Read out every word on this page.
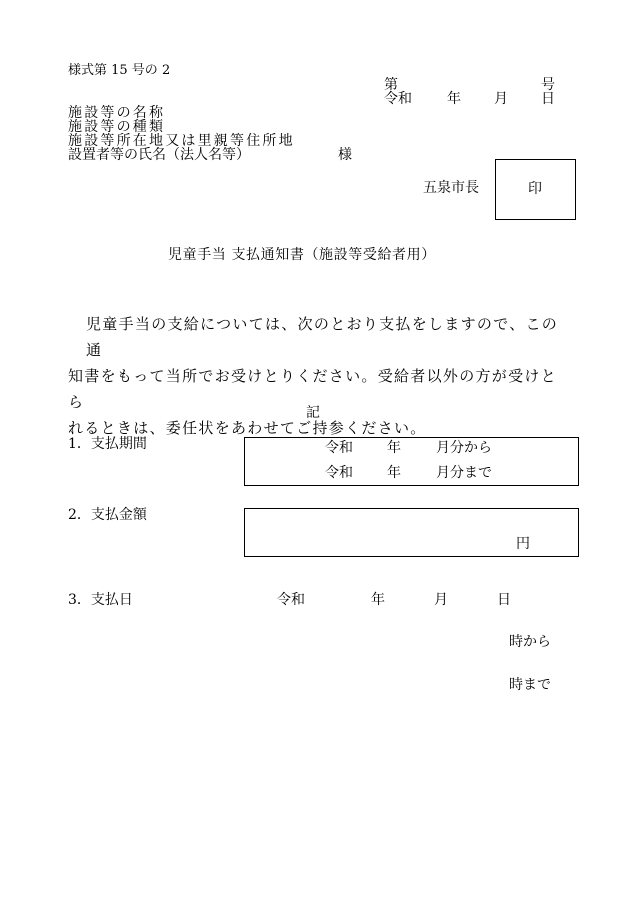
様式第 15 号の 2
第	号
令和	年 月 日
施設等の名称
施設等の種類
施設等所在地又は里親等住所地
設置者等の氏名（法人名等）	様
五泉市長	印
児童手当 支払通知書（施設等受給者用）

児童手当の支給については、次のとおり支払をしますので、この通

知書をもって当所でお受けとりください。受給者以外の方が受けとら

れるときは、委任状をあわせてご持参ください。

記
1．支払期間	令和 年	月分から
令和 年	月分まで
2．支払金額
円
3．支払日	令和	年	月	日
時から
時まで
